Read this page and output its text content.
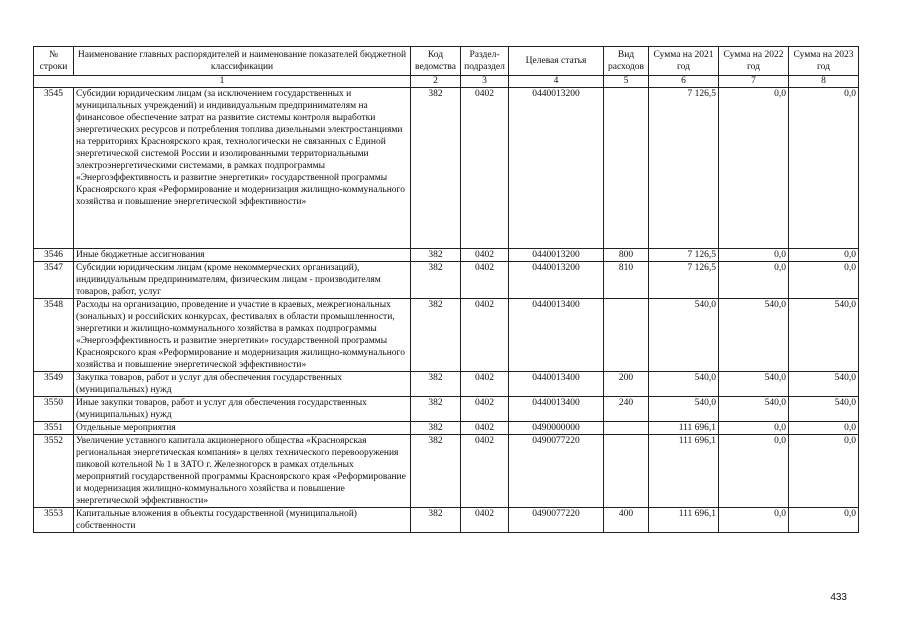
№ строки	Наименование главных распорядителей и наименование показателей бюджетной классификации	Код ведомства	Раздел-подраздел	Целевая статья	Вид расходов	Сумма на 2021 год	Сумма на 2022 год	Сумма на 2023 год
1		2	3	4	5	6	7	8
3545	Субсидии юридическим лицам (за исключением государственных и муниципальных учреждений) и индивидуальным предпринимателям на финансовое обеспечение затрат на развитие системы контроля выработки энергетических ресурсов и потребления топлива дизельными электростанциями на территориях Красноярского края, технологически не связанных с Единой энергетической системой России и изолированными территориальными электроэнергетическими системами, в рамках подпрограммы «Энергоэффективность и развитие энергетики» государственной программы Красноярского края «Реформирование и модернизация жилищно-коммунального хозяйства и повышение энергетической эффективности»	382	0402	0440013200		7 126,5	0,0	0,0
3546	Иные бюджетные ассигнования	382	0402	0440013200	800	7 126,5	0,0	0,0
3547	Субсидии юридическим лицам (кроме некоммерческих организаций), индивидуальным предпринимателям, физическим лицам - производителям товаров, работ, услуг	382	0402	0440013200	810	7 126,5	0,0	0,0
3548	Расходы на организацию, проведение и участие в краевых, межрегиональных (зональных) и российских конкурсах, фестивалях в области промышленности, энергетики и жилищно-коммунального хозяйства в рамках подпрограммы «Энергоэффективность и развитие энергетики» государственной программы Красноярского края «Реформирование и модернизация жилищно-коммунального хозяйства и повышение энергетической эффективности»	382	0402	0440013400		540,0	540,0	540,0
3549	Закупка товаров, работ и услуг для обеспечения государственных (муниципальных) нужд	382	0402	0440013400	200	540,0	540,0	540,0
3550	Иные закупки товаров, работ и услуг для обеспечения государственных (муниципальных) нужд	382	0402	0440013400	240	540,0	540,0	540,0
3551	Отдельные мероприятия	382	0402	0490000000		111 696,1	0,0	0,0
3552	Увеличение уставного капитала акционерного общества «Красноярская региональная энергетическая компания» в целях технического перевооружения пиковой котельной № 1 в ЗАТО г. Железногорск в рамках отдельных мероприятий государственной программы Красноярского края «Реформирование и модернизация жилищно-коммунального хозяйства и повышение энергетической эффективности»	382	0402	0490077220		111 696,1	0,0	0,0
3553	Капитальные вложения в объекты государственной (муниципальной) собственности	382	0402	0490077220	400	111 696,1	0,0	0,0
433
